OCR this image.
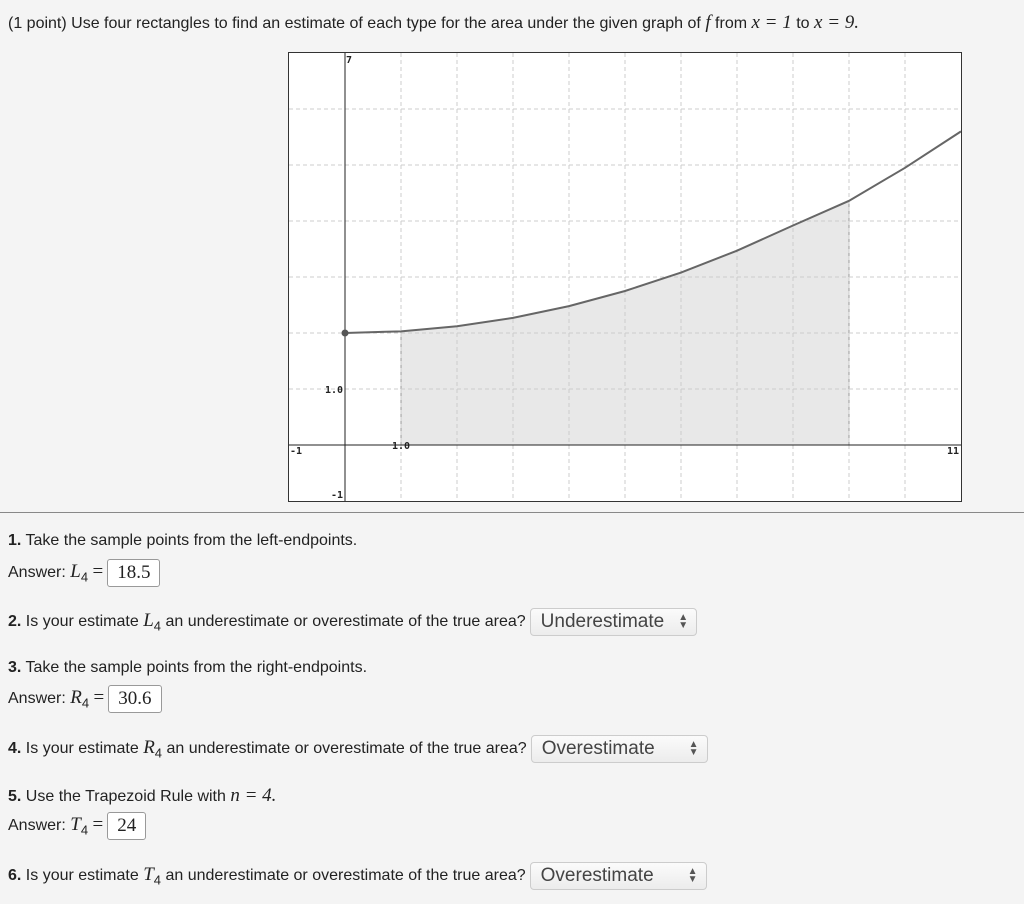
(1 point) Use four rectangles to find an estimate of each type for the area under the given graph of f from x = 1 to x = 9.
7
1.0
-1
-1	1.0	11
1. Take the sample points from the left-endpoints.
Answer: $L_4 = 18.5$
2. Is your estimate $L_4$ an underestimate or overestimate of the true area? Underestimate ▲
▼
3. Take the sample points from the right-endpoints.
Answer: $R_4 = 30.6$
4. Is your estimate $R_4$ an underestimate or overestimate of the true area? Overestimate	▲
▼
5. Use the Trapezoid Rule with n = 4.
Answer: $T_4 = 24$
6. Is your estimate $T_4$ an underestimate or overestimate of the true area? Overestimate	▲
▼
